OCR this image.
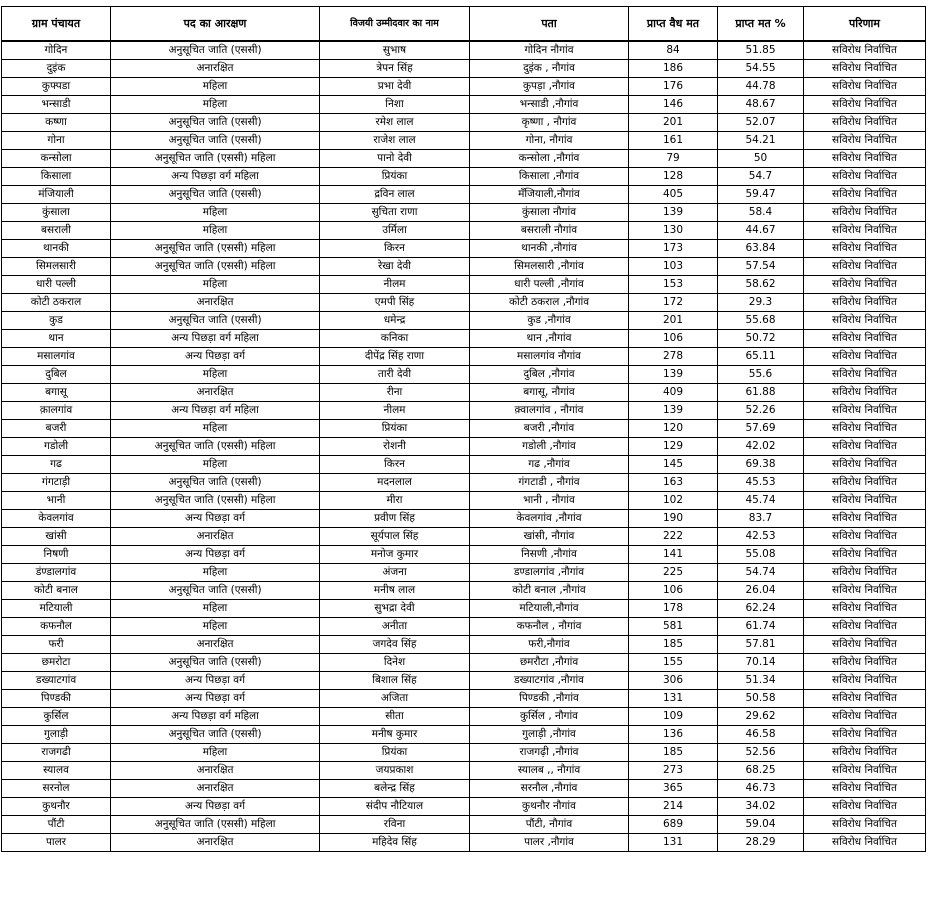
ग्राम पंचायत	पद का आरक्षण	विजयी उम्मीदवार का नाम	पता	प्राप्त वैध मत	प्राप्त मत %	परिणाम
गोदिन	अनुसूचित जाति (एससी)	सुभाष	गोदिन नौगांव	84	51.85	सविरोध निर्वाचित
दुइंक	अनारक्षित	त्रेपन सिंह	दुइंक , नौगांव	186	54.55	सविरोध निर्वाचित
कुफ्पडा	महिला	प्रभा देवी	कुपड़ा ,नौगांव	176	44.78	सविरोध निर्वाचित
भन्साडी	महिला	निशा	भन्साडी ,नौगांव	146	48.67	सविरोध निर्वाचित
कष्णा	अनुसूचित जाति (एससी)	रमेश लाल	कृष्णा , नौगांव	201	52.07	सविरोध निर्वाचित
गोना	अनुसूचित जाति (एससी)	राजेश लाल	गोना, नौगांव	161	54.21	सविरोध निर्वाचित
कन्सोला	अनुसूचित जाति (एससी) महिला	पानो देवी	कन्सोला ,नौगांव	79	50	सविरोध निर्वाचित
किसाला	अन्य पिछड़ा वर्ग महिला	प्रियंका	किसाला ,नौगांव	128	54.7	सविरोध निर्वाचित
मंजियाली	अनुसूचित जाति (एससी)	द्रविन लाल	मँजियाली,नौगांव	405	59.47	सविरोध निर्वाचित
कुंसाला	महिला	सुचिता राणा	कुंसाला नौगांव	139	58.4	सविरोध निर्वाचित
बसराली	महिला	उर्मिला	बसराली नौगांव	130	44.67	सविरोध निर्वाचित
थानकी	अनुसूचित जाति (एससी) महिला	किरन	थानकी ,नौगांव	173	63.84	सविरोध निर्वाचित
सिमलसारी	अनुसूचित जाति (एससी) महिला	रेखा देवी	सिमलसारी ,नौगांव	103	57.54	सविरोध निर्वाचित
धारी पल्ली	महिला	नीलम	धारी पल्ली ,नौगांव	153	58.62	सविरोध निर्वाचित
कोटी ठकराल	अनारक्षित	एमपी सिंह	कोटी ठकराल ,नौगांव	172	29.3	सविरोध निर्वाचित
कुड	अनुसूचित जाति (एससी)	धमेन्द्र	कुड ,नौगांव	201	55.68	सविरोध निर्वाचित
थान	अन्य पिछड़ा वर्ग महिला	कनिका	थान ,नौगांव	106	50.72	सविरोध निर्वाचित
मसालगांव	अन्य पिछड़ा वर्ग	दीपेंद्र सिंह राणा	मसालगांव नौगांव	278	65.11	सविरोध निर्वाचित
दुबिल	महिला	तारी देवी	दुबिल ,नौगांव	139	55.6	सविरोध निर्वाचित
बगासू	अनारक्षित	रीना	बगासू, नौगांव	409	61.88	सविरोध निर्वाचित
क़ालगांव	अन्य पिछड़ा वर्ग महिला	नीलम	क़्वालगांव , नौगांव	139	52.26	सविरोध निर्वाचित
बजरी	महिला	प्रियंका	बजरी ,नौगांव	120	57.69	सविरोध निर्वाचित
गडोली	अनुसूचित जाति (एससी) महिला	रोशनी	गडोली ,नौगांव	129	42.02	सविरोध निर्वाचित
गढ	महिला	किरन	गढ ,नौगांव	145	69.38	सविरोध निर्वाचित
गंगटाड़ी	अनुसूचित जाति (एससी)	मदनलाल	गंगटाडी , नौगांव	163	45.53	सविरोध निर्वाचित
भानी	अनुसूचित जाति (एससी) महिला	मीरा	भानी , नौगांव	102	45.74	सविरोध निर्वाचित
केवलगांव	अन्य पिछड़ा वर्ग	प्रवीण सिंह	केवलगांव ,नौगांव	190	83.7	सविरोध निर्वाचित
खांसी	अनारक्षित	सूर्यपाल सिंह	खांसी, नौगांव	222	42.53	सविरोध निर्वाचित
निषणी	अन्य पिछड़ा वर्ग	मनोज कुमार	निसणी ,नौगांव	141	55.08	सविरोध निर्वाचित
डंण्डालगांव	महिला	अंजना	डण्डालगांव ,नौगांव	225	54.74	सविरोध निर्वाचित
कोटी बनाल	अनुसूचित जाति (एससी)	मनीष लाल	कोटी बनाल ,नौगांव	106	26.04	सविरोध निर्वाचित
मटियाली	महिला	सुभद्रा देवी	मटियाली,नौगांव	178	62.24	सविरोध निर्वाचित
कफनौल	महिला	अनीता	कफनौल , नौगांव	581	61.74	सविरोध निर्वाचित
फरी	अनारक्षित	जगदेव सिंह	फरी,नौगांव	185	57.81	सविरोध निर्वाचित
छमरोटा	अनुसूचित जाति (एससी)	दिनेश	छमरौटा ,नौगांव	155	70.14	सविरोध निर्वाचित
डख्याटगांव	अन्य पिछड़ा वर्ग	बिशाल सिंह	डख्याटगांव ,नौगांव	306	51.34	सविरोध निर्वाचित
पिण्डकी	अन्य पिछड़ा वर्ग	अजिता	पिण्डकी ,नौगांव	131	50.58	सविरोध निर्वाचित
कुर्सिल	अन्य पिछड़ा वर्ग महिला	सीता	कुर्सिल , नौगांव	109	29.62	सविरोध निर्वाचित
गुलाड़ी	अनुसूचित जाति (एससी)	मनीष कुमार	गुलाड़ी ,नौगांव	136	46.58	सविरोध निर्वाचित
राजगढी	महिला	प्रियंका	राजगढ़ी ,नौगांव	185	52.56	सविरोध निर्वाचित
स्यालव	अनारक्षित	जयप्रकाश	स्यालब ,, नौगांव	273	68.25	सविरोध निर्वाचित
सरनोल	अनारक्षित	बलेन्द्र सिंह	सरनौल ,नौगांव	365	46.73	सविरोध निर्वाचित
कुथनौर	अन्य पिछड़ा वर्ग	संदीप नौटियाल	कुथनौर नौगांव	214	34.02	सविरोध निर्वाचित
पौंटी	अनुसूचित जाति (एससी) महिला	रविना	पौंटी, नौगांव	689	59.04	सविरोध निर्वाचित
पालर	अनारक्षित	महिदेव सिंह	पालर ,नौगांव	131	28.29	सविरोध निर्वाचित
